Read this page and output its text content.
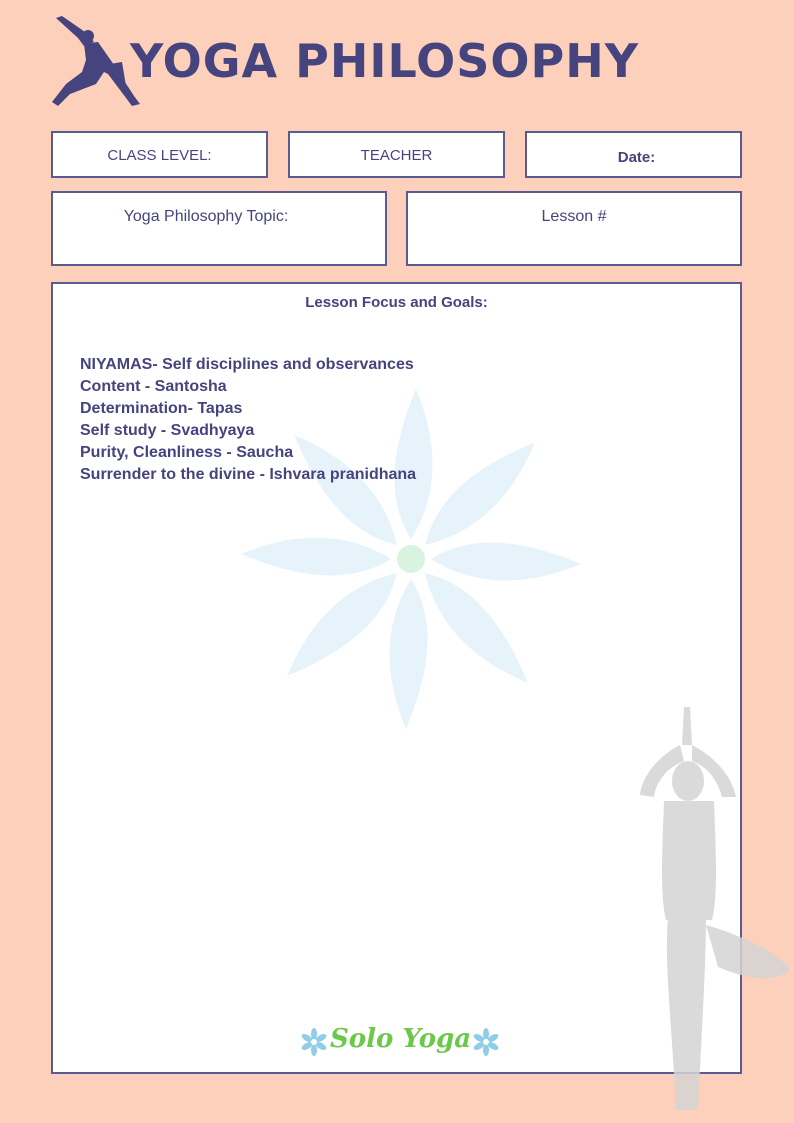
YOGA PHILOSOPHY
CLASS LEVEL:	TEACHER	Date:
Yoga Philosophy Topic:	Lesson #
Lesson Focus and Goals:
NIYAMAS- Self disciplines and observances
Content - Santosha
Determination- Tapas
Self study - Svadhyaya
Purity, Cleanliness - Saucha
Surrender to the divine - Ishvara pranidhana
Solo Yoga
